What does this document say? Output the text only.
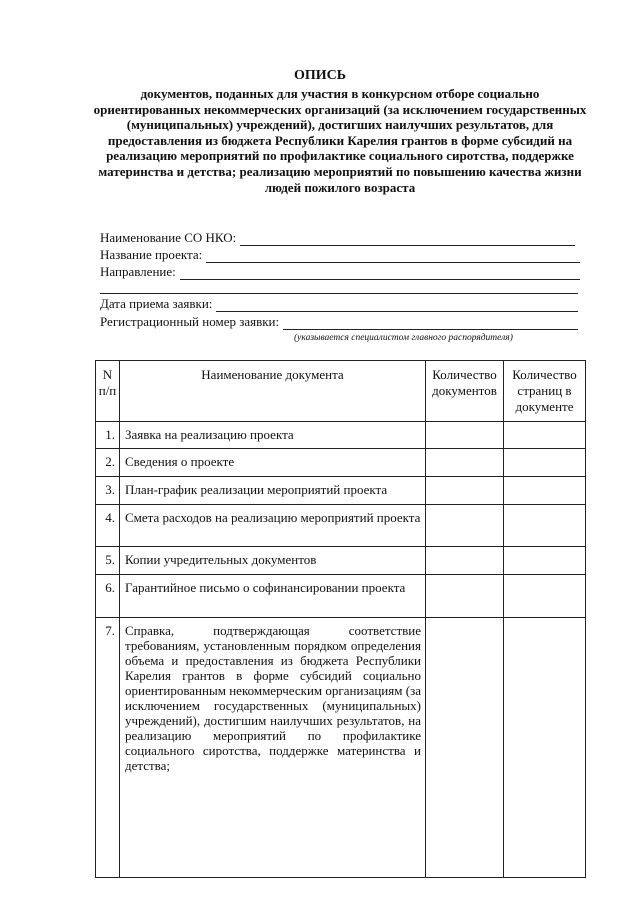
ОПИСЬ
документов, поданных для участия в конкурсном отборе социально ориентированных некоммерческих организаций (за исключением государственных (муниципальных) учреждений), достигших наилучших результатов, для предоставления из бюджета Республики Карелия грантов в форме субсидий на реализацию мероприятий по профилактике социального сиротства, поддержке материнства и детства; реализацию мероприятий по повышению качества жизни людей пожилого возраста
Наименование СО НКО:
Название проекта:
Направление:
Дата приема заявки:
Регистрационный номер заявки:
(указывается специалистом главного распорядителя)
N п/п	Наименование документа	Количество документов	Количество страниц в документе
1.	Заявка на реализацию проекта		
2.	Сведения о проекте		
3.	План-график реализации мероприятий проекта		
4.	Смета расходов на реализацию мероприятий проекта		
5.	Копии учредительных документов		
6.	Гарантийное письмо о софинансировании проекта		
7.	Справка, подтверждающая соответствие требованиям, установленным порядком определения объема и предоставления из бюджета Республики Карелия грантов в форме субсидий социально ориентированным некоммерческим организациям (за исключением государственных (муниципальных) учреждений), достигшим наилучших результатов, на реализацию мероприятий по профилактике социального сиротства, поддержке материнства и детства;		
